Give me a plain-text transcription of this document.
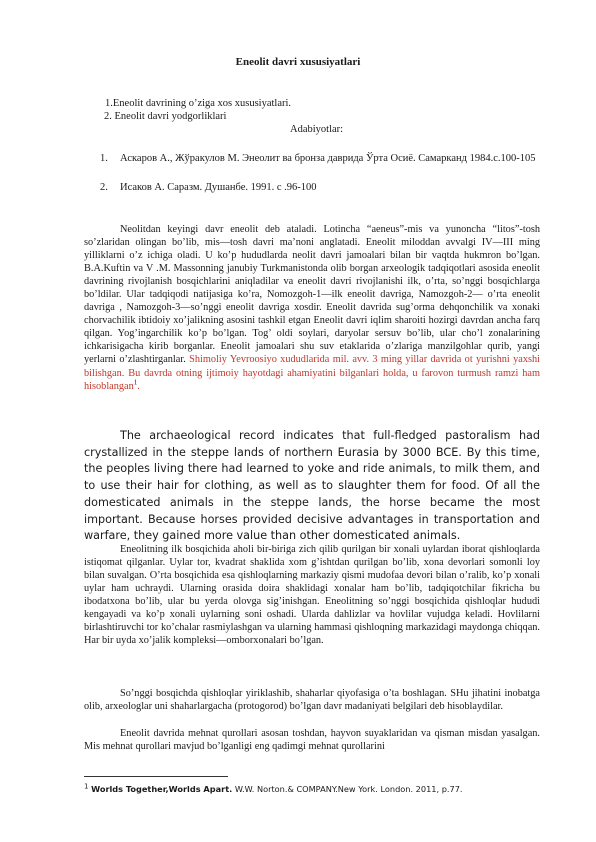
Eneolit davri xususiyatlari
1.Eneolit davrining o’ziga xos xususiyatlari.
2. Eneolit davri yodgorliklari
Adabiyotlar:
1. Аскаров А., Жўракулов М. Энеолит ва бронза даврида Ўрта Осиё. Самарканд 1984.с.100-105
2. Исаков А. Саразм. Душанбе. 1991. с .96-100
Neolitdan keyingi davr eneolit deb ataladi. Lotincha “aeneus”-mis va yunoncha “litos”-tosh so’zlaridan olingan bo’lib, mis—tosh davri ma’noni anglatadi. Eneolit miloddan avvalgi IV—III ming yilliklarni o’z ichiga oladi. U ko’p hududlarda neolit davri jamoalari bilan bir vaqtda hukmron bo’lgan. B.A.Kuftin va V .M. Massonning janubiy Turkmanistonda olib borgan arxeologik tadqiqotlari asosida eneolit davrining rivojlanish bosqichlarini aniqladilar va eneolit davri rivojlanishi ilk, o’rta, so’nggi bosqichlarga bo’ldilar. Ular tadqiqodi natijasiga ko’ra, Nomozgoh-1—ilk eneolit davriga, Namozgoh-2— o’rta eneolit davriga , Namozgoh-3—so’nggi eneolit davriga xosdir. Eneolit davrida sug’orma dehqonchilik va xonaki chorvachilik ibtidoiy xo’jalikning asosini tashkil etgan Eneolit davri iqlim sharoiti hozirgi davrdan ancha farq qilgan. Yog’ingarchilik ko’p bo’lgan. Tog’ oldi soylari, daryolar sersuv bo’lib, ular cho’l zonalarining ichkarisigacha kirib borganlar. Eneolit jamoalari shu suv etaklarida o’zlariga manzilgohlar qurib, yangi yerlarni o’zlashtirganlar. Shimoliy Yevroosiyo xududlarida mil. avv. 3 ming yillar davrida ot yurishni yaxshi bilishgan. Bu davrda otning ijtimoiy hayotdagi ahamiyatini bilganlari holda, u farovon turmush ramzi ham hisoblangan$^1$.
The archaeological record indicates that full-fledged pastoralism had crystallized in the steppe lands of northern Eurasia by 3000 BCE. By this time, the peoples living there had learned to yoke and ride animals, to milk them, and to use their hair for clothing, as well as to slaughter them for food. Of all the domesticated animals in the steppe lands, the horse became the most important. Because horses provided decisive advantages in transportation and warfare, they gained more value than other domesticated animals.
Eneolitning ilk bosqichida aholi bir-biriga zich qilib qurilgan bir xonali uylardan iborat qishloqlarda istiqomat qilganlar. Uylar tor, kvadrat shaklida xom g’ishtdan qurilgan bo’lib, xona devorlari somonli loy bilan suvalgan. O’rta bosqichida esa qishloqlarning markaziy qismi mudofaa devori bilan o’ralib, ko’p xonali uylar ham uchraydi. Ularning orasida doira shaklidagi xonalar ham bo’lib, tadqiqotchilar fikricha bu ibodatxona bo’lib, ular bu yerda olovga sig’inishgan. Eneolitning so’nggi bosqichida qishloqlar hududi kengayadi va ko’p xonali uylarning soni oshadi. Ularda dahlizlar va hovlilar vujudga keladi. Hovlilarni birlashtiruvchi tor ko’chalar rasmiylashgan va ularning hammasi qishloqning markazidagi maydonga chiqqan. Har bir uyda xo’jalik kompleksi—omborxonalari bo’lgan.
So’nggi bosqichda qishloqlar yiriklashib, shaharlar qiyofasiga o’ta boshlagan. SHu jihatini inobatga olib, arxeologlar uni shaharlargacha (protogorod) bo’lgan davr madaniyati belgilari deb hisoblaydilar.
Eneolit davrida mehnat qurollari asosan toshdan, hayvon suyaklaridan va qisman misdan yasalgan. Mis mehnat qurollari mavjud bo’lganligi eng qadimgi mehnat qurollarini
$^1$ Worlds Together,Worlds Apart. W.W. Norton.& COMPANY.New York. London. 2011, p.77.
